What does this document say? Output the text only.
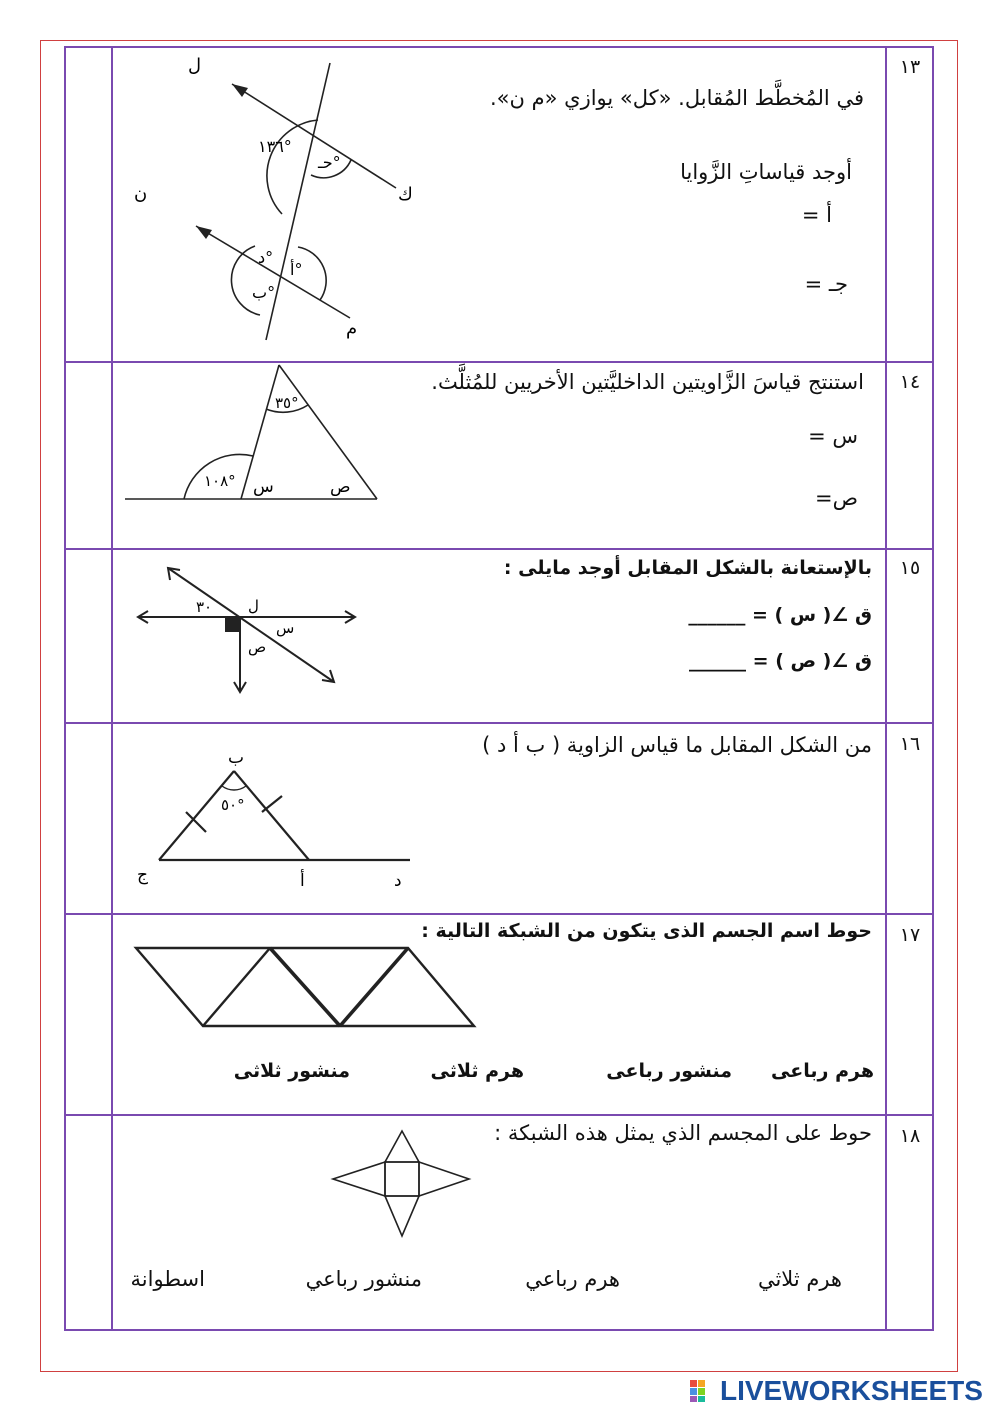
١٣
في المُخطَّط المُقابل. «كل» يوازي «م ن».
أوجد قياساتِ الزَّوايا
أ =
جـ =
ل
ن	ك
م
١٣٦°
حـ°
د°
أ°
ب°
١٤
استنتج قياسَ الزَّاويتين الداخليَّتين الأخريين للمُثلَّث.
س =
ص=
٣٥°
١٠٨° س	ص
١٥
بالإستعانة بالشكل المقابل أوجد مايلى :
ق ∠( س ) = ______
ق ∠( ص ) = ______
٣٠ ل
س
ص
١٦
من الشكل المقابل ما قياس الزاوية ( ب أ د )
ب
٥٠°
ج	أ	د
١٧
حوط اسم الجسم الذى يتكون من الشبكة التالية :
هرم رباعى
منشور رباعى
هرم ثلاثى
منشور ثلاثى
١٨
حوط على المجسم الذي يمثل هذه الشبكة :
هرم ثلاثي
هرم رباعي
منشور رباعي
اسطوانة
LIVEWORKSHEETS
